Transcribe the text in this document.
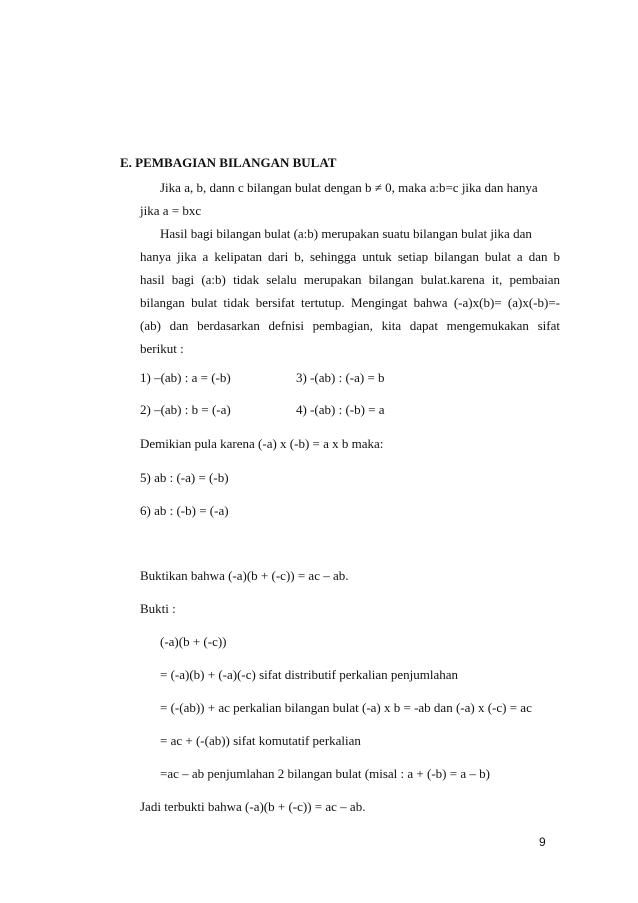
E. PEMBAGIAN BILANGAN BULAT
Jika a, b, dann c bilangan bulat dengan b ≠ 0, maka a:b=c jika dan hanya
jika a = bxc
Hasil bagi bilangan bulat (a:b) merupakan suatu bilangan bulat jika dan
hanya jika a kelipatan dari b, sehingga untuk setiap bilangan bulat a dan b
hasil bagi (a:b) tidak selalu merupakan bilangan bulat.karena it, pembaian
bilangan bulat tidak bersifat tertutup. Mengingat bahwa (-a)x(b)= (a)x(-b)=-
(ab) dan berdasarkan defnisi pembagian, kita dapat mengemukakan sifat
berikut :
1) –(ab) : a = (-b)	3) -(ab) : (-a) = b
2) –(ab) : b = (-a)	4) -(ab) : (-b) = a
Demikian pula karena (-a) x (-b) = a x b maka:
5) ab : (-a) = (-b)
6) ab : (-b) = (-a)
Buktikan bahwa (-a)(b + (-c)) = ac – ab.
Bukti :
(-a)(b + (-c))
= (-a)(b) + (-a)(-c) sifat distributif perkalian penjumlahan
= (-(ab)) + ac perkalian bilangan bulat (-a) x b = -ab dan (-a) x (-c) = ac
= ac + (-(ab)) sifat komutatif perkalian
=ac – ab penjumlahan 2 bilangan bulat (misal : a + (-b) = a – b)
Jadi terbukti bahwa (-a)(b + (-c)) = ac – ab.
9
